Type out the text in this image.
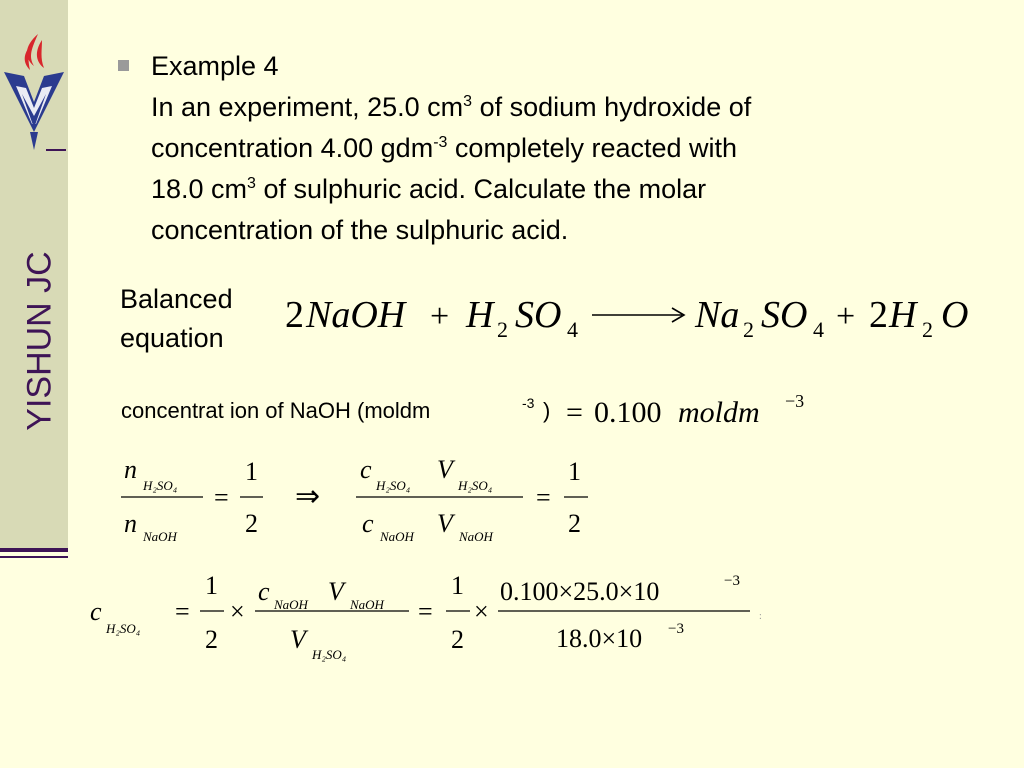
YISHUN JC
Example 4
In an experiment, 25.0 $cm^3$ of sodium hydroxide of
concentration 4.00 gdm$^{-3}$ completely reacted with
18.0 $cm^3$ of sulphuric acid. Calculate the molar
concentration of the sulphuric acid.
Balanced
equation
2 NaOH + H 2 SO 4	Na 2 SO 4 + 2 H 2 O
concentrat ion of NaOH (moldm	-3 ) = 0.100 moldm −3
n
H₂SO₄
n NaOH
=
1
2
⇒
c
H₂SO₄
V
H₂SO₄
c NaOH V NaOH
=
1
2
c
H₂SO₄
=
1
2
×
c NaOH V NaOH
V
H₂SO₄
=
1
2
×
0.100×25.0×10	−3
18.0×10 −3
:
